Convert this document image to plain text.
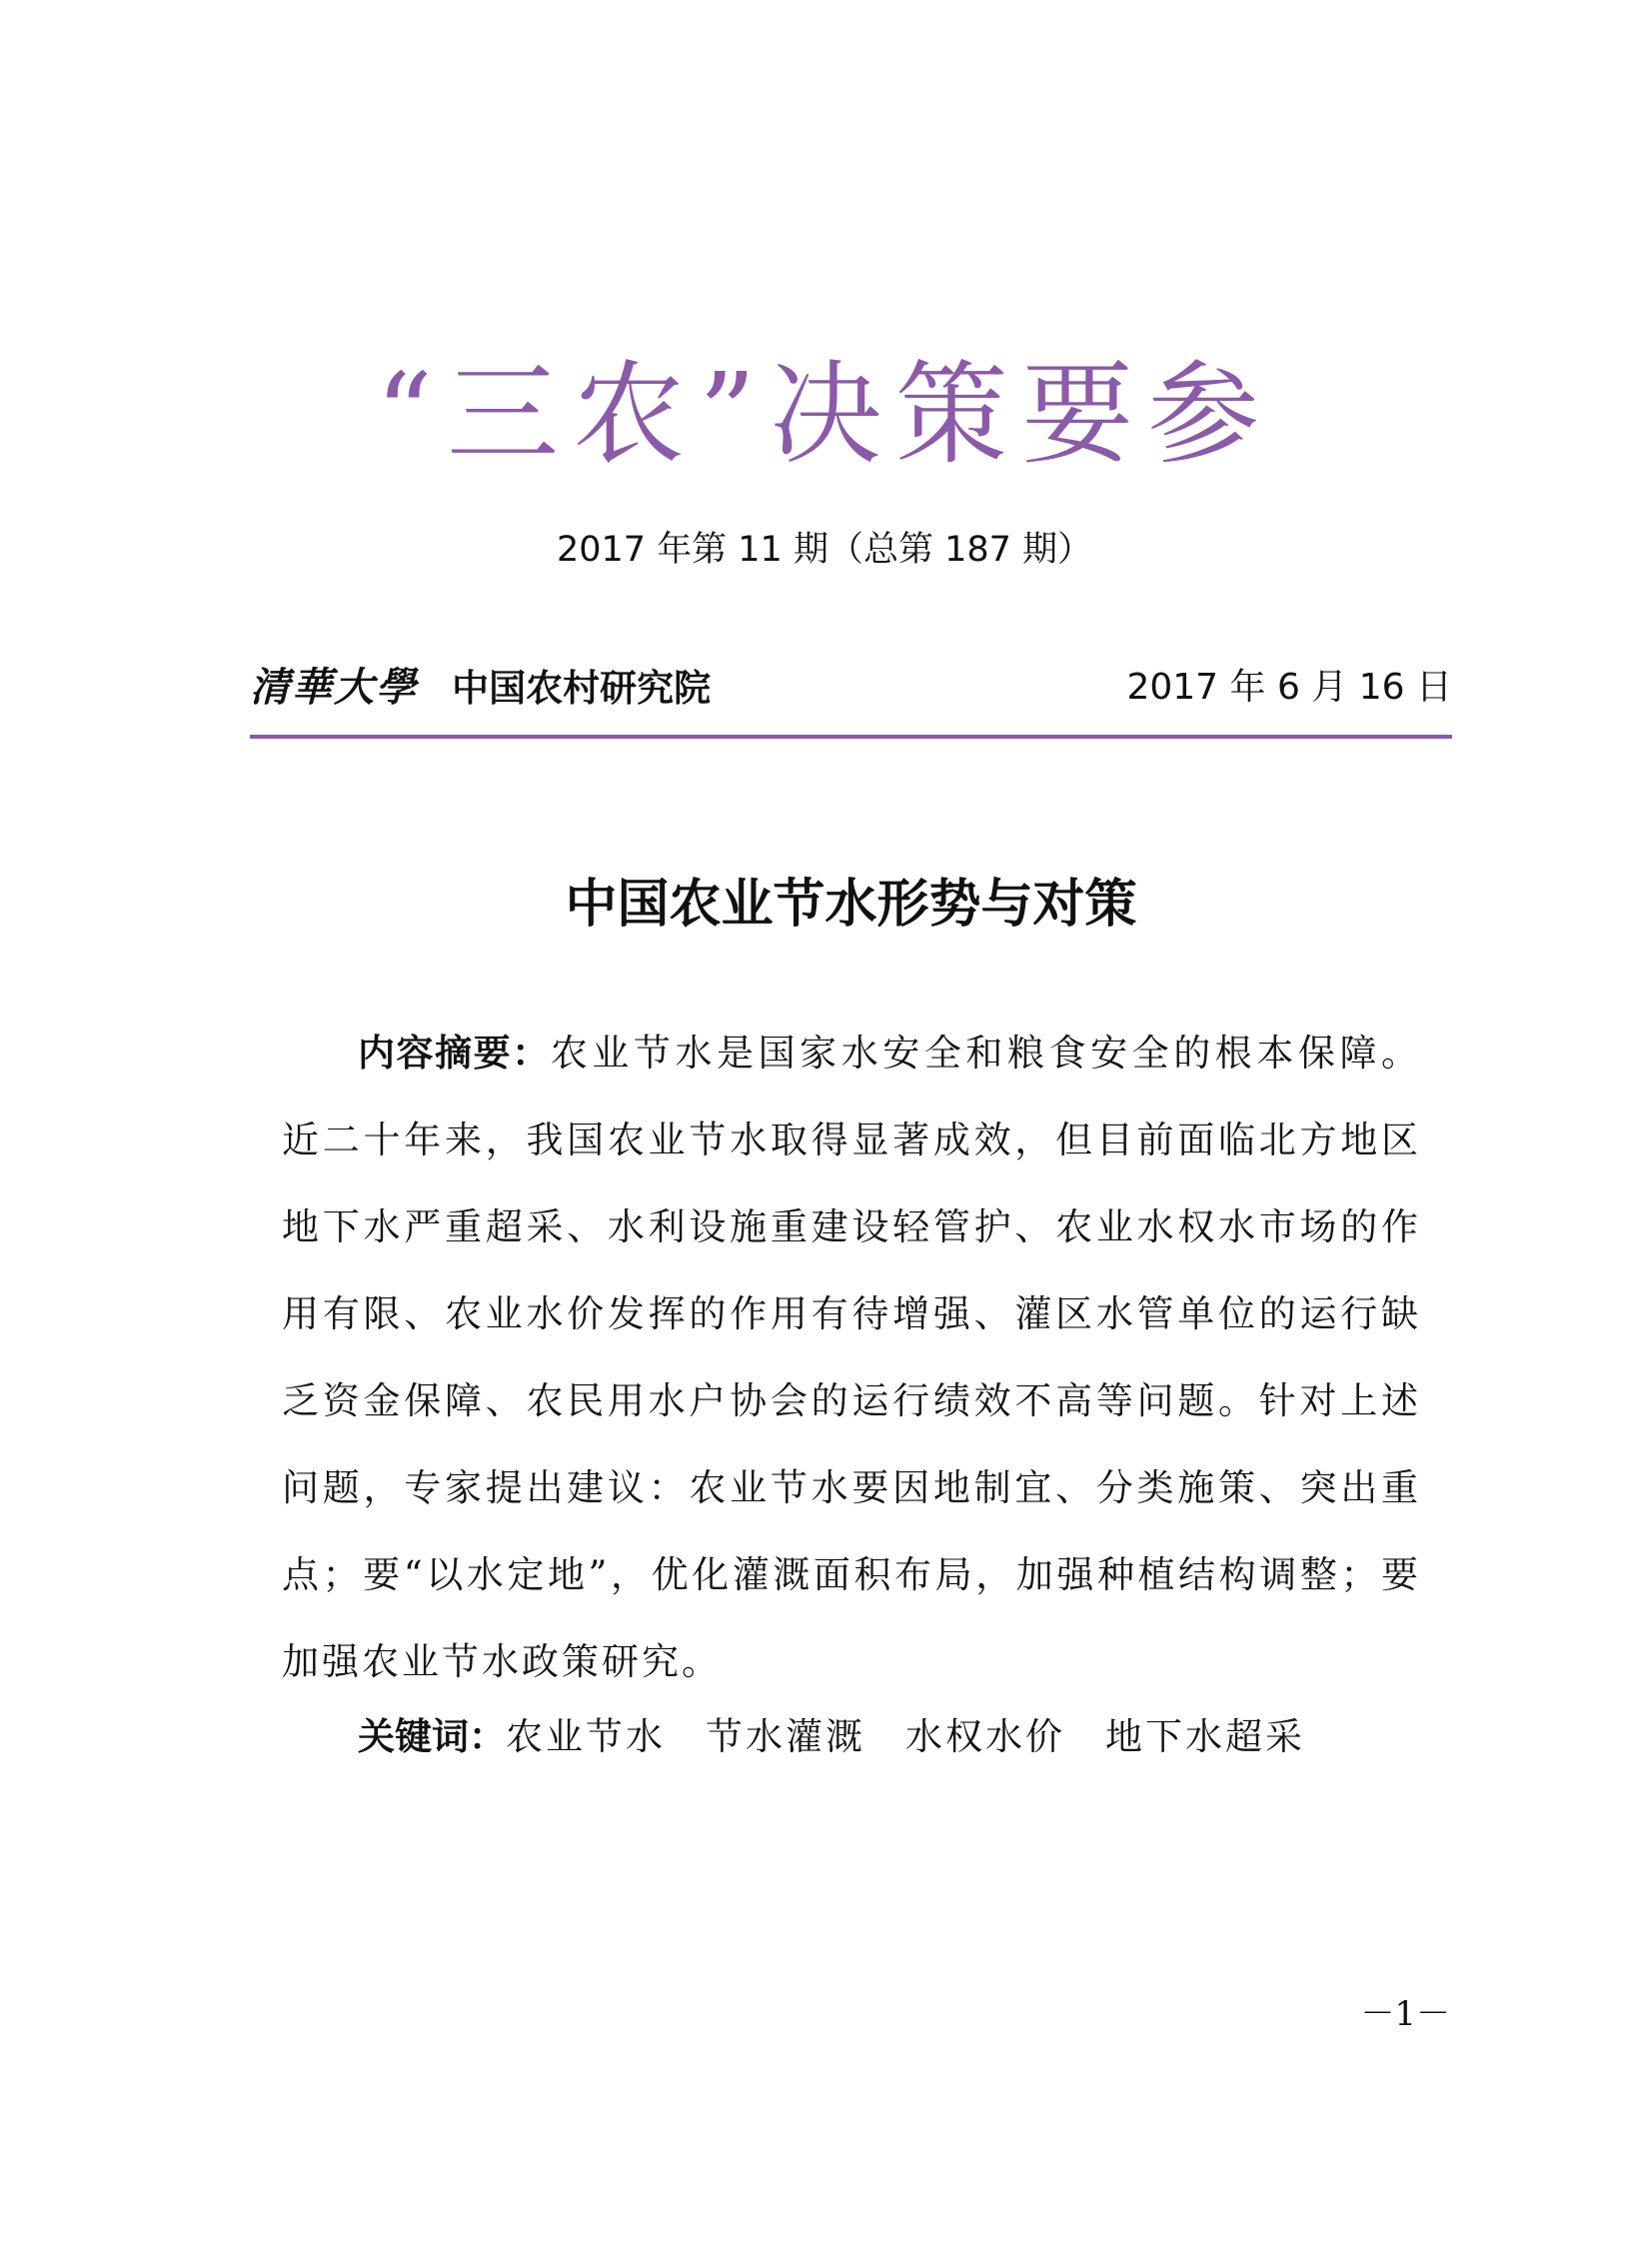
“三农”决策要参
2017 年第 11 期（总第 187 期）
清華大學 中国农村研究院	2017 年 6 月 16 日
中国农业节水形势与对策

内容摘要：农业节水是国家水安全和粮食安全的根本保障。近二十年来，我国农业节水取得显著成效，但目前面临北方地区地下水严重超采、水利设施重建设轻管护、农业水权水市场的作用有限、农业水价发挥的作用有待增强、灌区水管单位的运行缺乏资金保障、农民用水户协会的运行绩效不高等问题。针对上述问题，专家提出建议：农业节水要因地制宜、分类施策、突出重点；要“以水定地”，优化灌溉面积布局，加强种植结构调整；要加强农业节水政策研究。

关键词：农业节水 节水灌溉 水权水价 地下水超采
－1－
